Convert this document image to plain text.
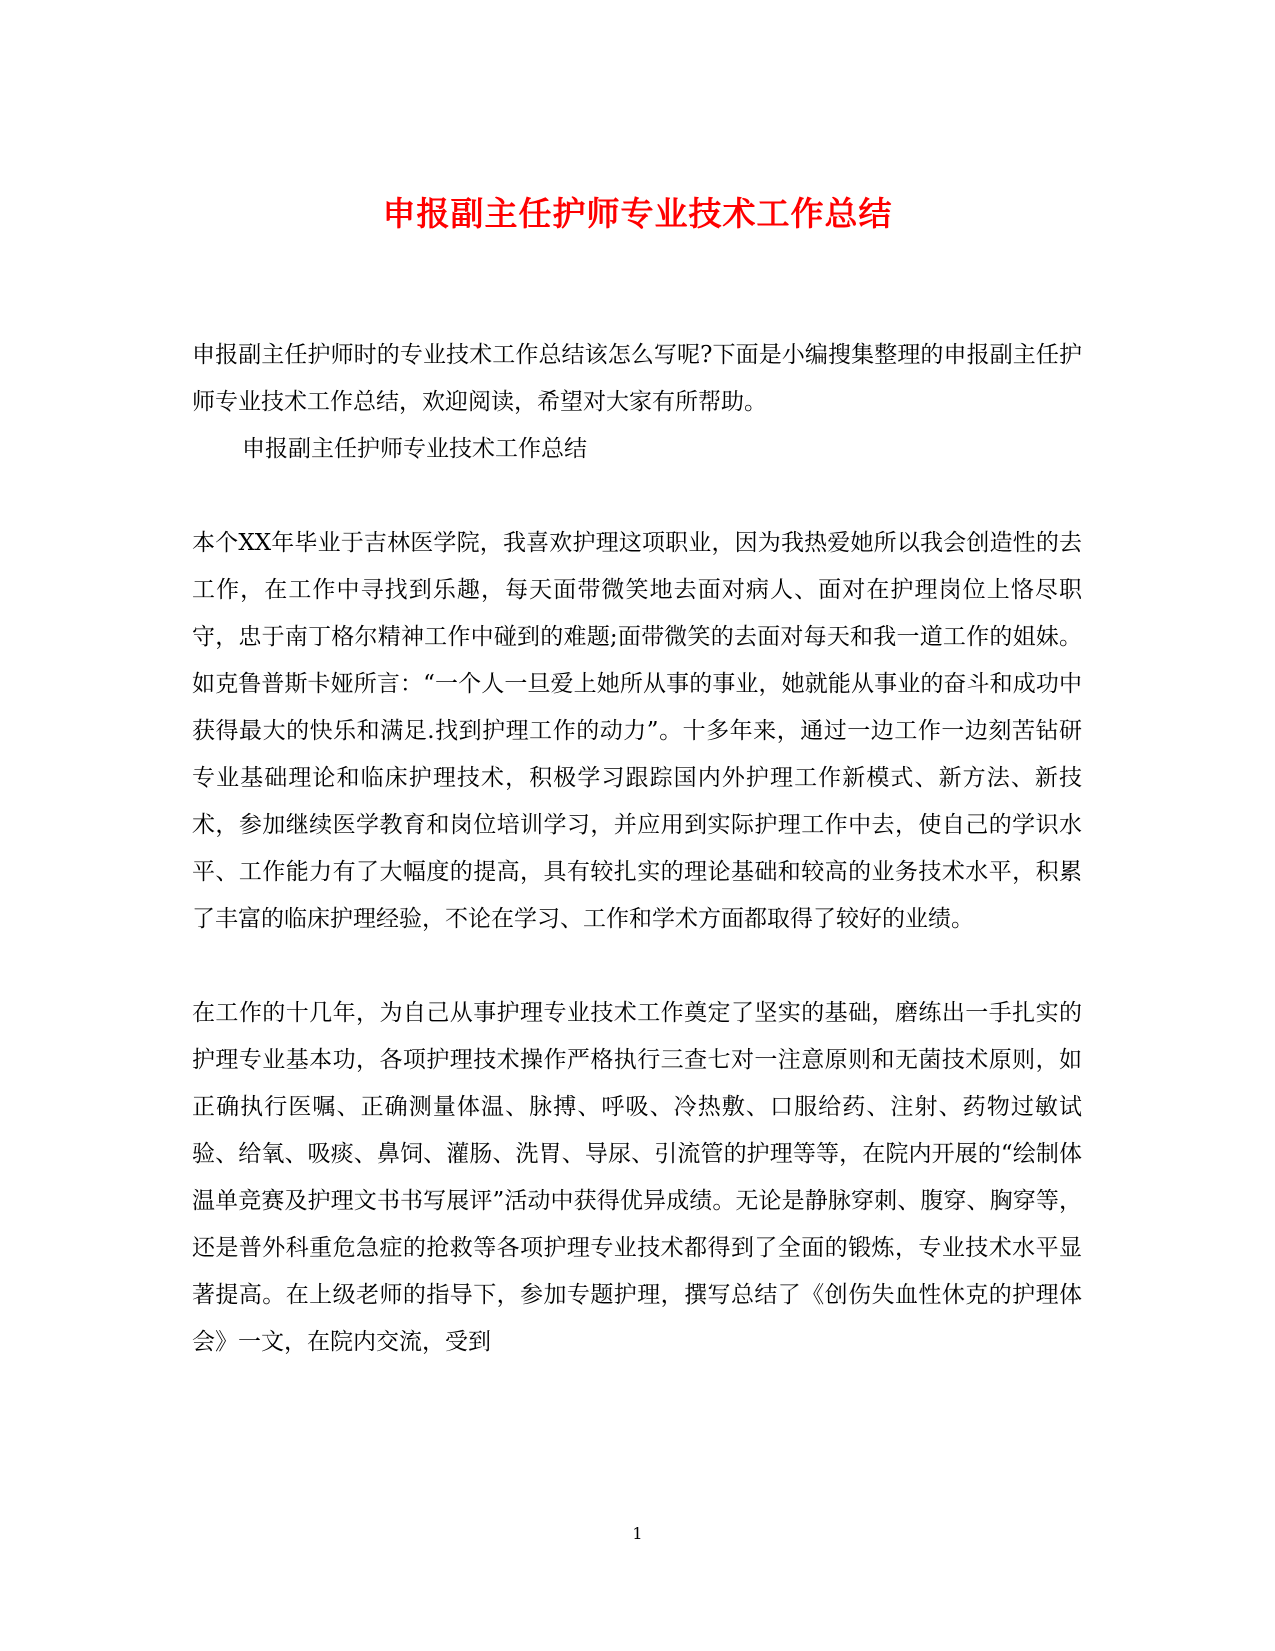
申报副主任护师专业技术工作总结

申报副主任护师时的专业技术工作总结该怎么写呢?下面是小编搜集整理的申报副主任护师专业技术工作总结，欢迎阅读，希望对大家有所帮助。

申报副主任护师专业技术工作总结

本个XX年毕业于吉林医学院，我喜欢护理这项职业，因为我热爱她所以我会创造性的去工作，在工作中寻找到乐趣，每天面带微笑地去面对病人、面对在护理岗位上恪尽职守，忠于南丁格尔精神工作中碰到的难题;面带微笑的去面对每天和我一道工作的姐妹。如克鲁普斯卡娅所言：“一个人一旦爱上她所从事的事业，她就能从事业的奋斗和成功中获得最大的快乐和满足.找到护理工作的动力”。十多年来，通过一边工作一边刻苦钻研专业基础理论和临床护理技术，积极学习跟踪国内外护理工作新模式、新方法、新技术，参加继续医学教育和岗位培训学习，并应用到实际护理工作中去，使自己的学识水平、工作能力有了大幅度的提高，具有较扎实的理论基础和较高的业务技术水平，积累了丰富的临床护理经验，不论在学习、工作和学术方面都取得了较好的业绩。

在工作的十几年，为自己从事护理专业技术工作奠定了坚实的基础，磨练出一手扎实的护理专业基本功，各项护理技术操作严格执行三查七对一注意原则和无菌技术原则，如正确执行医嘱、正确测量体温、脉搏、呼吸、冷热敷、口服给药、注射、药物过敏试验、给氧、吸痰、鼻饲、灌肠、洗胃、导尿、引流管的护理等等，在院内开展的“绘制体温单竞赛及护理文书书写展评”活动中获得优异成绩。无论是静脉穿刺、腹穿、胸穿等，还是普外科重危急症的抢救等各项护理专业技术都得到了全面的锻炼，专业技术水平显著提高。在上级老师的指导下，参加专题护理，撰写总结了《创伤失血性休克的护理体会》一文，在院内交流，受到

1
